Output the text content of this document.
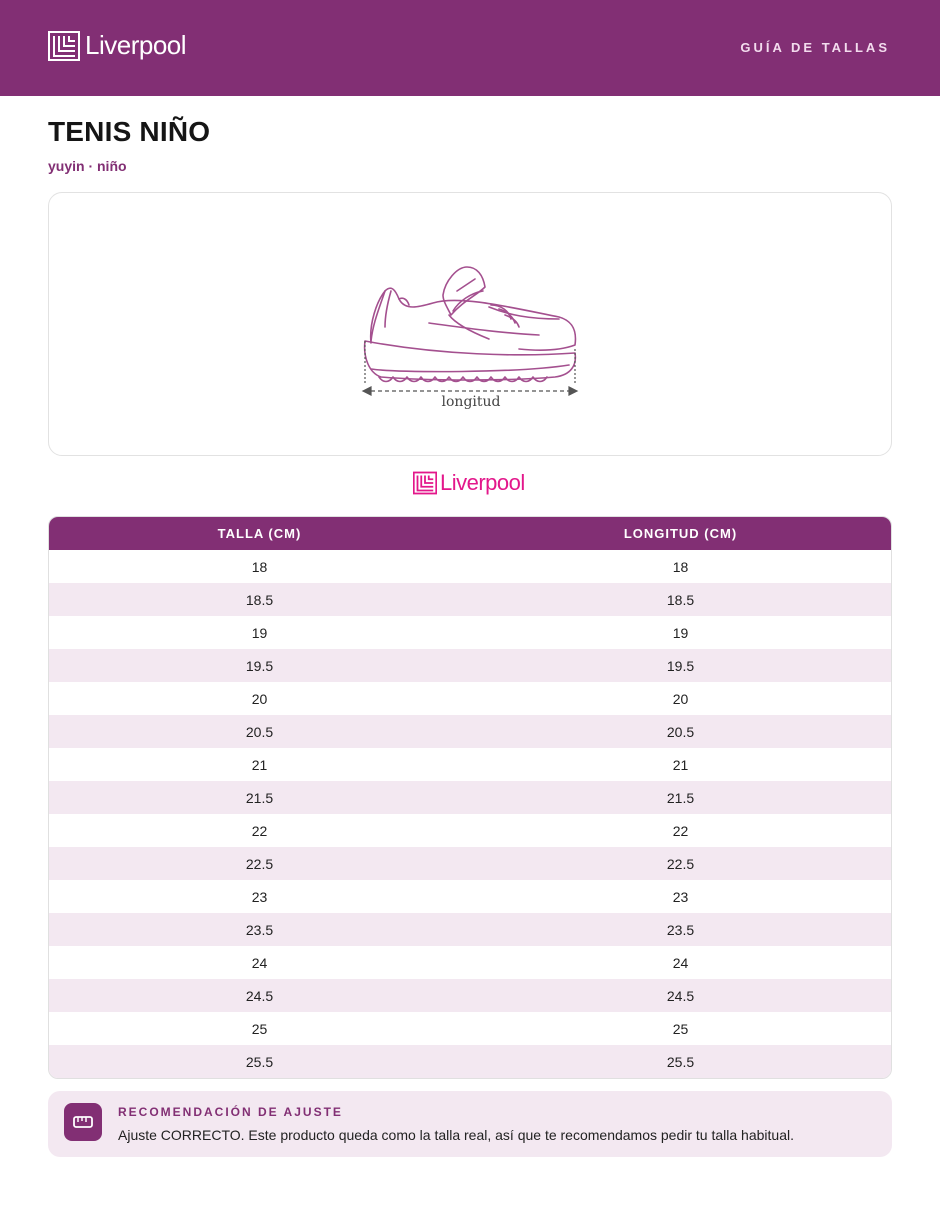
Liverpool	GUÍA DE TALLAS
TENIS NIÑO
yuyin · niño
longitud
Liverpool
TALLA (CM)	LONGITUD (CM)
18	18
18.5	18.5
19	19
19.5	19.5
20	20
20.5	20.5
21	21
21.5	21.5
22	22
22.5	22.5
23	23
23.5	23.5
24	24
24.5	24.5
25	25
25.5	25.5
RECOMENDACIÓN DE AJUSTE
Ajuste CORRECTO. Este producto queda como la talla real, así que te recomendamos pedir tu talla habitual.
